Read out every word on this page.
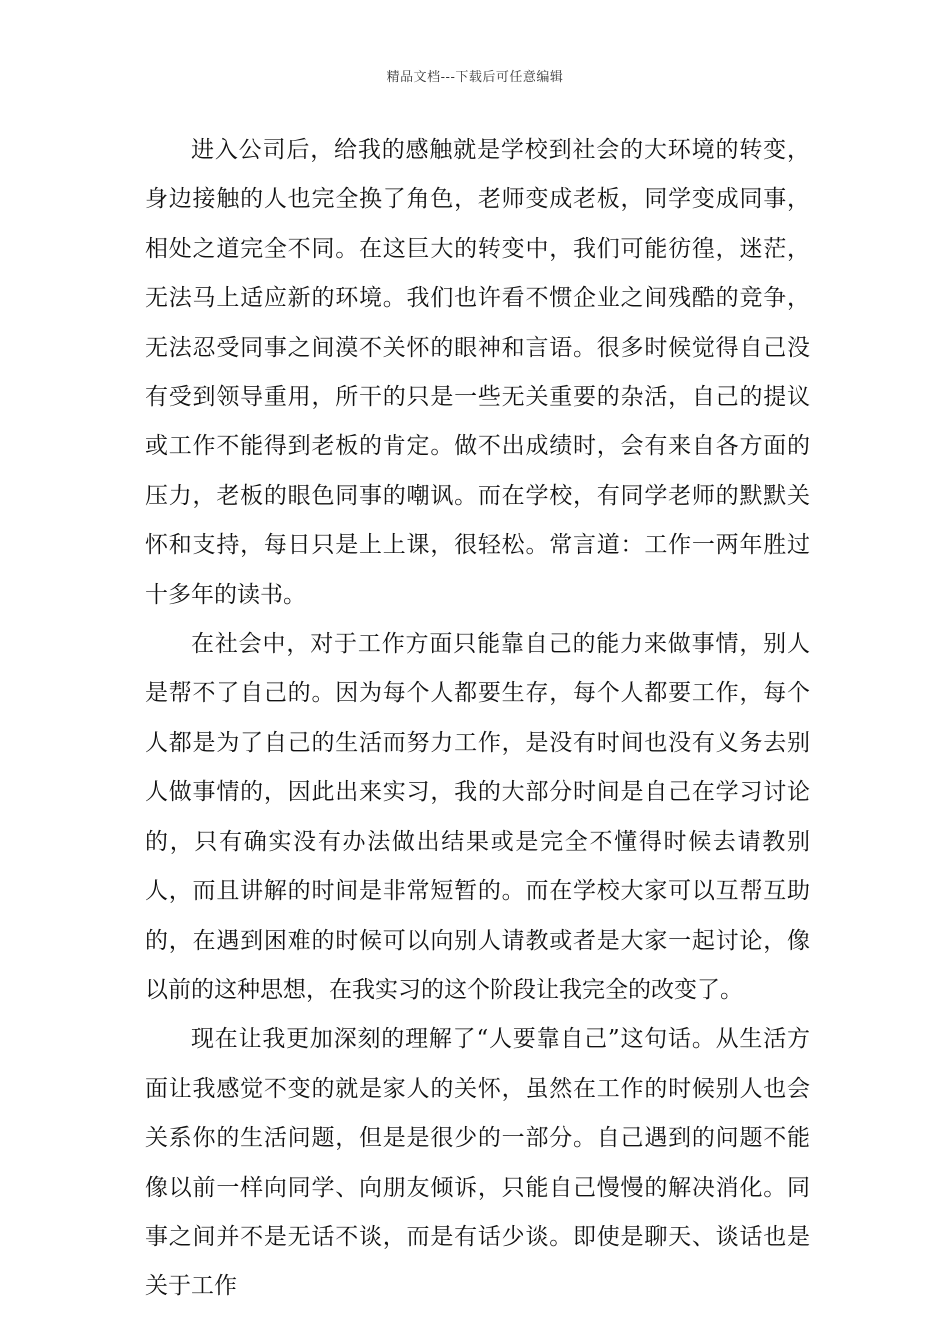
精品文档---下载后可任意编辑

进入公司后，给我的感触就是学校到社会的大环境的转变，身边接触的人也完全换了角色，老师变成老板，同学变成同事，相处之道完全不同。在这巨大的转变中，我们可能彷徨，迷茫，无法马上适应新的环境。我们也许看不惯企业之间残酷的竞争，无法忍受同事之间漠不关怀的眼神和言语。很多时候觉得自己没有受到领导重用，所干的只是一些无关重要的杂活，自己的提议或工作不能得到老板的肯定。做不出成绩时，会有来自各方面的压力，老板的眼色同事的嘲讽。而在学校，有同学老师的默默关怀和支持，每日只是上上课，很轻松。常言道：工作一两年胜过十多年的读书。

在社会中，对于工作方面只能靠自己的能力来做事情，别人是帮不了自己的。因为每个人都要生存，每个人都要工作，每个人都是为了自己的生活而努力工作，是没有时间也没有义务去别人做事情的，因此出来实习，我的大部分时间是自己在学习讨论的，只有确实没有办法做出结果或是完全不懂得时候去请教别人，而且讲解的时间是非常短暂的。而在学校大家可以互帮互助的，在遇到困难的时候可以向别人请教或者是大家一起讨论，像以前的这种思想，在我实习的这个阶段让我完全的改变了。

现在让我更加深刻的理解了“人要靠自己”这句话。从生活方面让我感觉不变的就是家人的关怀，虽然在工作的时候别人也会关系你的生活问题，但是是很少的一部分。自己遇到的问题不能像以前一样向同学、向朋友倾诉，只能自己慢慢的解决消化。同事之间并不是无话不谈，而是有话少谈。即使是聊天、谈话也是关于工作
